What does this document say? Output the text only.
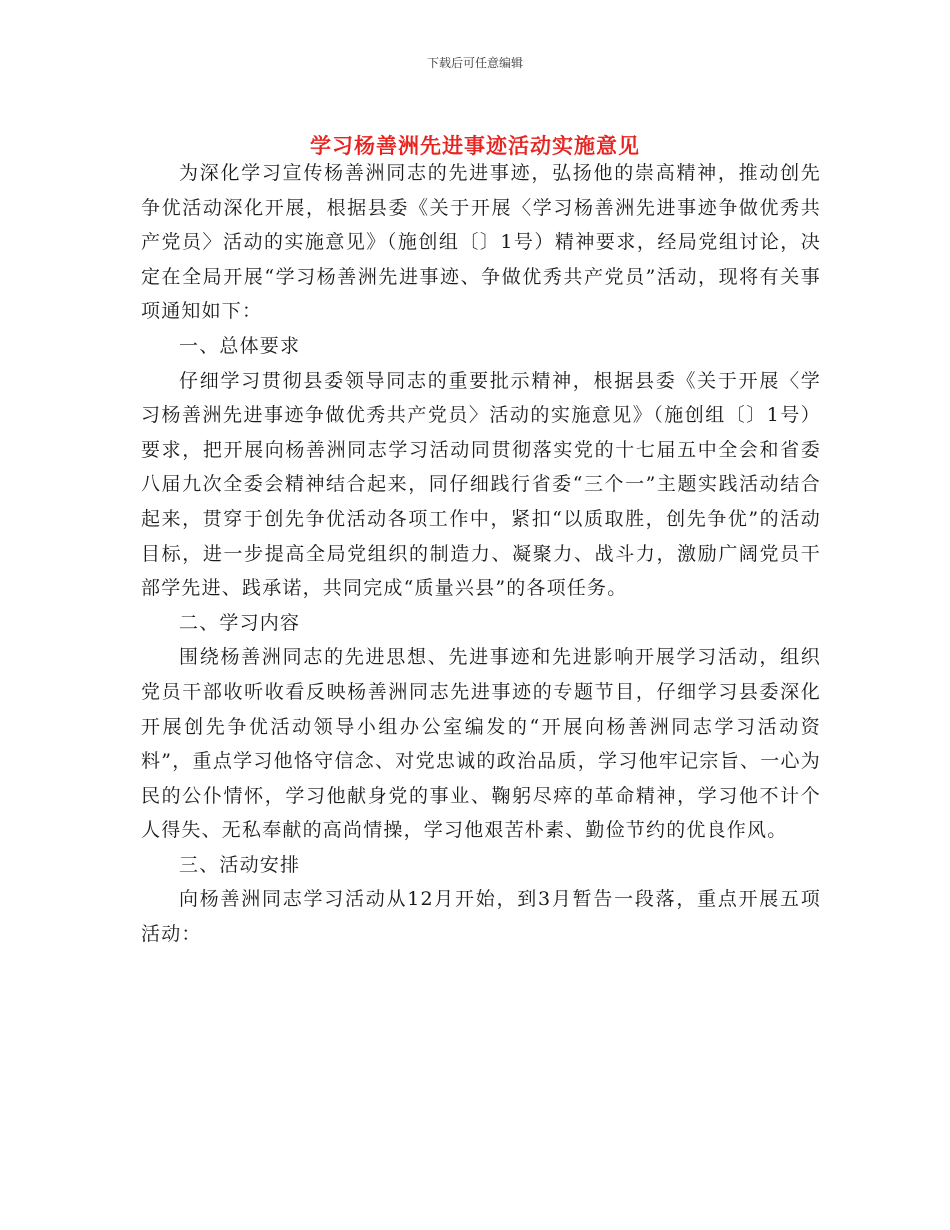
下载后可任意编辑
学习杨善洲先进事迹活动实施意见

为深化学习宣传杨善洲同志的先进事迹，弘扬他的崇高精神，推动创先争优活动深化开展，根据县委《关于开展〈学习杨善洲先进事迹争做优秀共产党员〉活动的实施意见》（施创组〔〕1号）精神要求，经局党组讨论，决定在全局开展“学习杨善洲先进事迹、争做优秀共产党员”活动，现将有关事项通知如下：

一、总体要求

仔细学习贯彻县委领导同志的重要批示精神，根据县委《关于开展〈学习杨善洲先进事迹争做优秀共产党员〉活动的实施意见》（施创组〔〕1号）要求，把开展向杨善洲同志学习活动同贯彻落实党的十七届五中全会和省委八届九次全委会精神结合起来，同仔细践行省委“三个一”主题实践活动结合起来，贯穿于创先争优活动各项工作中，紧扣“以质取胜，创先争优”的活动目标，进一步提高全局党组织的制造力、凝聚力、战斗力，激励广阔党员干部学先进、践承诺，共同完成“质量兴县”的各项任务。

二、学习内容

围绕杨善洲同志的先进思想、先进事迹和先进影响开展学习活动，组织党员干部收听收看反映杨善洲同志先进事迹的专题节目，仔细学习县委深化开展创先争优活动领导小组办公室编发的“开展向杨善洲同志学习活动资料”，重点学习他恪守信念、对党忠诚的政治品质，学习他牢记宗旨、一心为民的公仆情怀，学习他献身党的事业、鞠躬尽瘁的革命精神，学习他不计个人得失、无私奉献的高尚情操，学习他艰苦朴素、勤俭节约的优良作风。

三、活动安排

向杨善洲同志学习活动从12月开始，到3月暂告一段落，重点开展五项活动：
